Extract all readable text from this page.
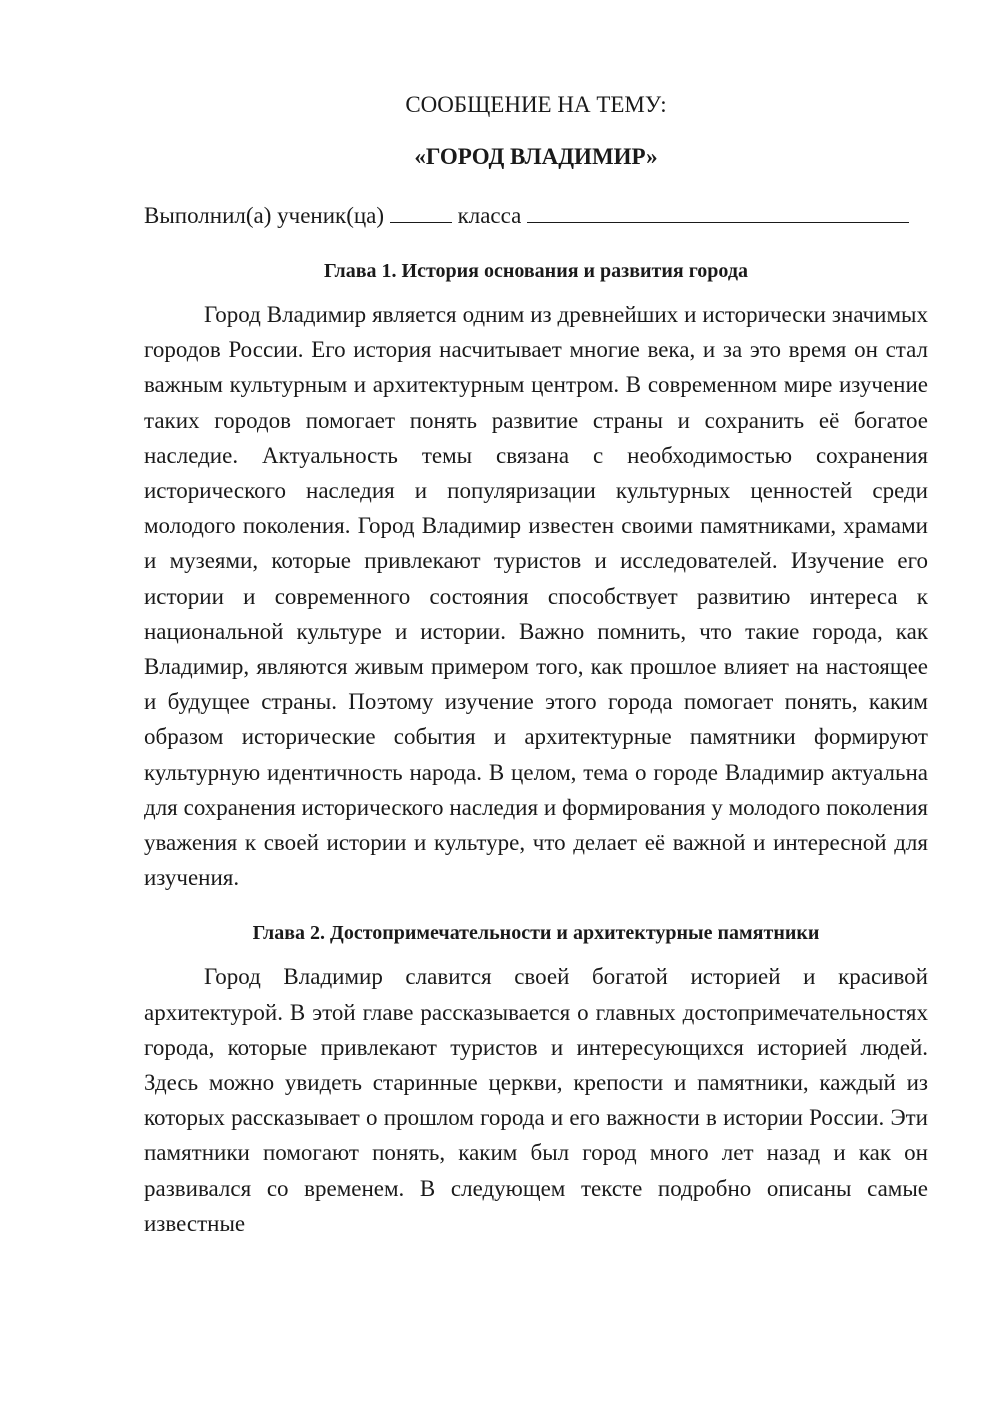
СООБЩЕНИЕ НА ТЕМУ:

«ГОРОД ВЛАДИМИР»

Выполнил(а) ученик(ца)	класса
Глава 1. История основания и развития города

Город Владимир является одним из древнейших и исторически значимых городов России. Его история насчитывает многие века, и за это время он стал важным культурным и архитектурным центром. В современном мире изучение таких городов помогает понять развитие страны и сохранить её богатое наследие. Актуальность темы связана с необходимостью сохранения исторического наследия и популяризации культурных ценностей среди молодого поколения. Город Владимир известен своими памятниками, храмами и музеями, которые привлекают туристов и исследователей. Изучение его истории и современного состояния способствует развитию интереса к национальной культуре и истории. Важно помнить, что такие города, как Владимир, являются живым примером того, как прошлое влияет на настоящее и будущее страны. Поэтому изучение этого города помогает понять, каким образом исторические события и архитектурные памятники формируют культурную идентичность народа. В целом, тема о городе Владимир актуальна для сохранения исторического наследия и формирования у молодого поколения уважения к своей истории и культуре, что делает её важной и интересной для изучения.

Глава 2. Достопримечательности и архитектурные памятники

Город Владимир славится своей богатой историей и красивой архитектурой. В этой главе рассказывается о главных достопримечательностях города, которые привлекают туристов и интересующихся историей людей. Здесь можно увидеть старинные церкви, крепости и памятники, каждый из которых рассказывает о прошлом города и его важности в истории России. Эти памятники помогают понять, каким был город много лет назад и как он развивался со временем. В следующем тексте подробно описаны самые известные
